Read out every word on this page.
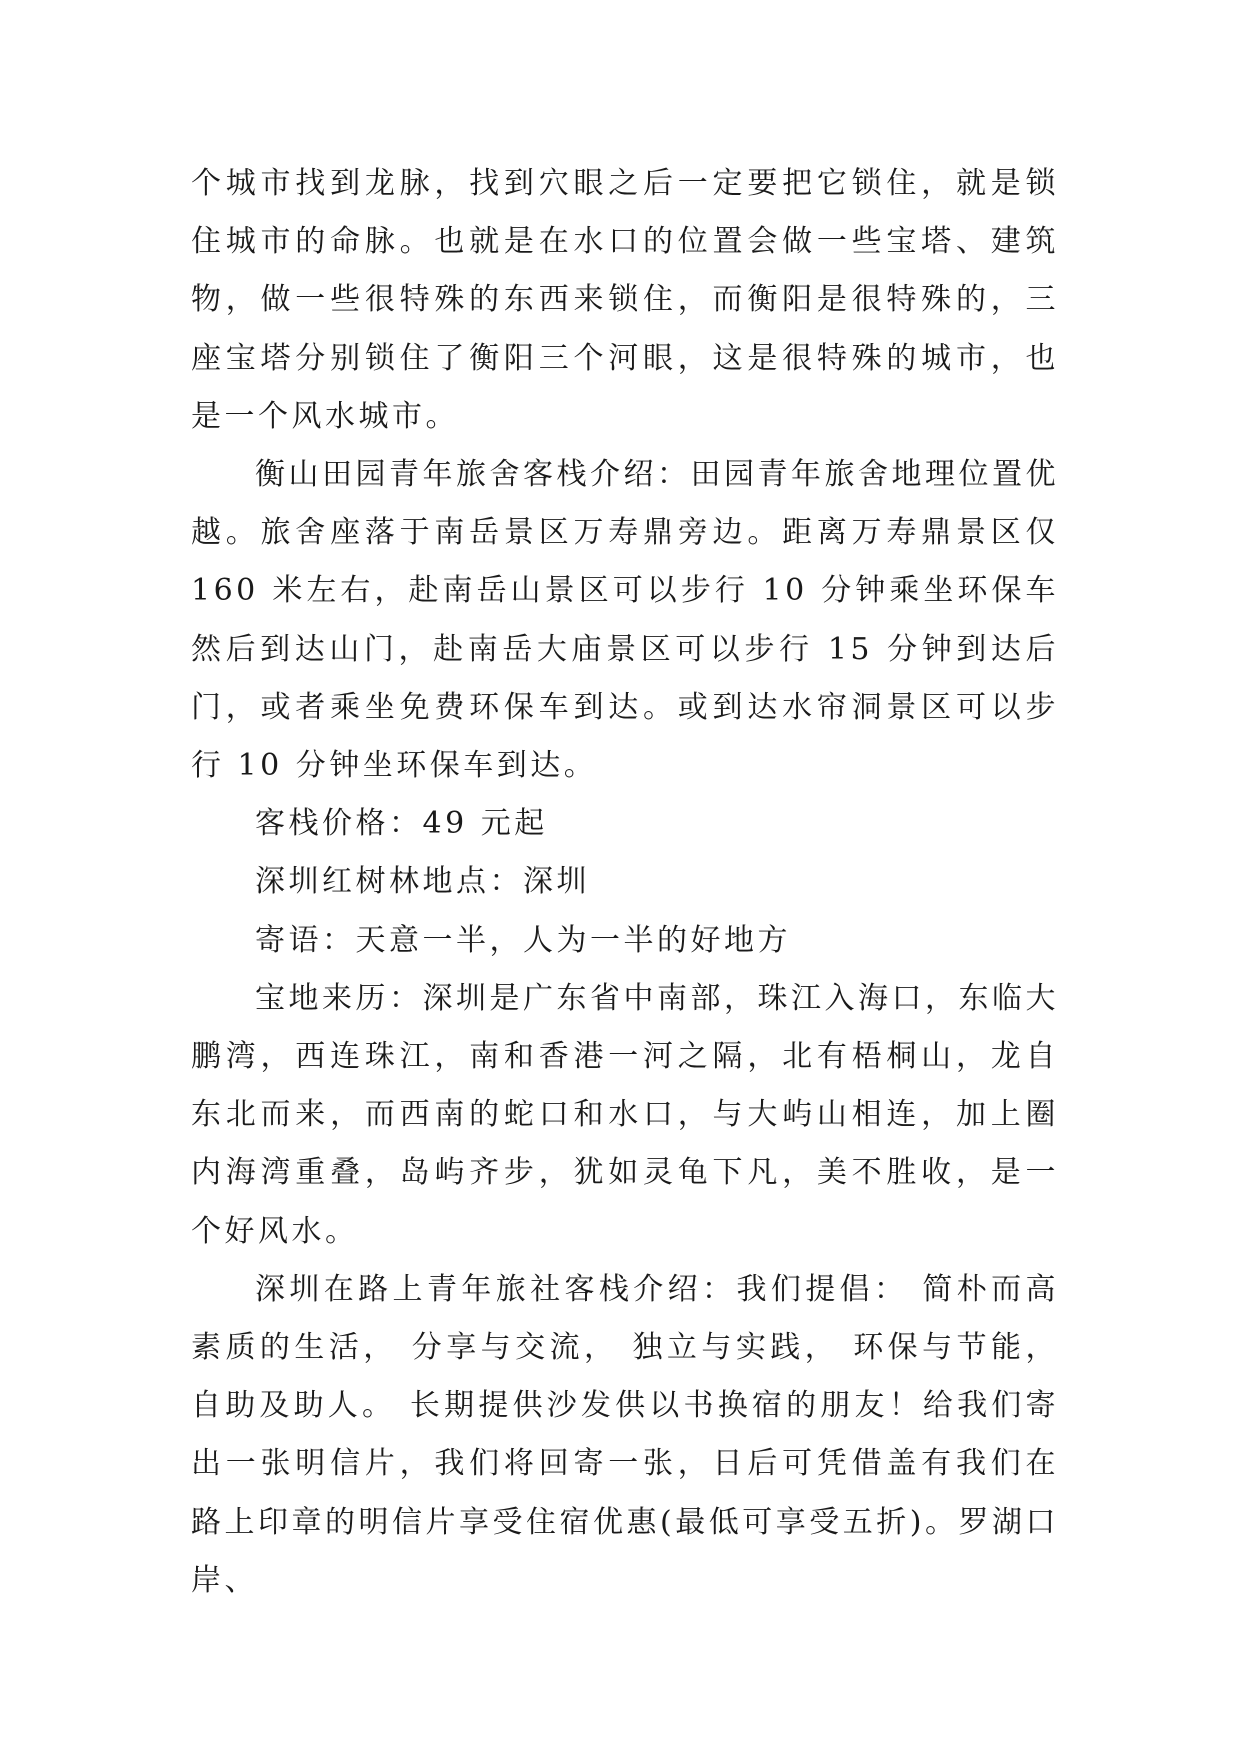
个城市找到龙脉，找到穴眼之后一定要把它锁住，就是锁住城市的命脉。也就是在水口的位置会做一些宝塔、建筑物，做一些很特殊的东西来锁住，而衡阳是很特殊的，三座宝塔分别锁住了衡阳三个河眼，这是很特殊的城市，也是一个风水城市。

衡山田园青年旅舍客栈介绍：田园青年旅舍地理位置优越。旅舍座落于南岳景区万寿鼎旁边。距离万寿鼎景区仅 160 米左右，赴南岳山景区可以步行 10 分钟乘坐环保车然后到达山门，赴南岳大庙景区可以步行 15 分钟到达后门，或者乘坐免费环保车到达。或到达水帘洞景区可以步行 10 分钟坐环保车到达。

客栈价格：49 元起

深圳红树林地点：深圳

寄语：天意一半，人为一半的好地方

宝地来历：深圳是广东省中南部，珠江入海口，东临大鹏湾，西连珠江，南和香港一河之隔，北有梧桐山，龙自东北而来，而西南的蛇口和水口，与大屿山相连，加上圈内海湾重叠，岛屿齐步，犹如灵龟下凡，美不胜收，是一个好风水。

深圳在路上青年旅社客栈介绍：我们提倡： 简朴而高素质的生活， 分享与交流， 独立与实践， 环保与节能， 自助及助人。 长期提供沙发供以书换宿的朋友！给我们寄出一张明信片，我们将回寄一张，日后可凭借盖有我们在路上印章的明信片享受住宿优惠(最低可享受五折)。罗湖口岸、
